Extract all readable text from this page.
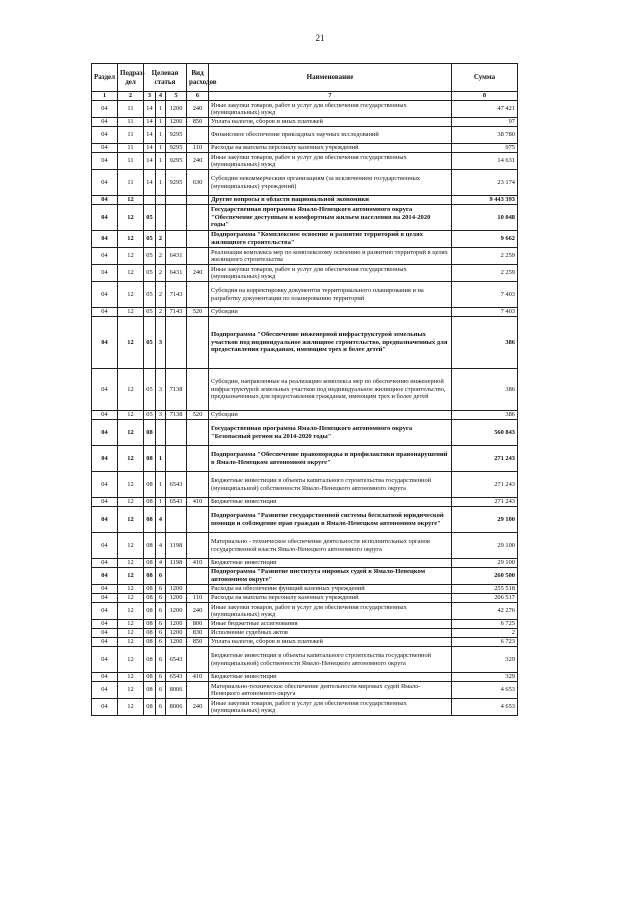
21
Раздел	Подраз-дел	Целевая статья			Вид расходов	Наименование	Сумма
1	2	3	4	5	6	7	8
04	11	14	1	1200	240	Иные закупки товаров, работ и услуг для обеспечения государственных (муниципальных) нужд	47 421
04	11	14	1	1200	850	Уплата налогов, сборов и иных платежей	97
04	11	14	1	9295		Финансовое обеспечение прикладных научных исследований	38 780
04	11	14	1	9295	110	Расходы на выплаты персоналу казенных учреждений	975
04	11	14	1	9295	240	Иные закупки товаров, работ и услуг для обеспечения государственных (муниципальных) нужд	14 631
04	11	14	1	9295	630	Субсидии некоммерческим организациям (за исключением государственных (муниципальных) учреждений)	23 174
04	12					Другие вопросы в области национальной экономики	9 443 393
04	12	05				Государственная программа Ямало-Ненецкого автономного округа "Обеспечение доступным и комфортным жильем населения на 2014-2020 годы"	10 048
04	12	05	2			Подпрограмма "Комплексное освоение и развитие территорий в целях жилищного строительства"	9 662
04	12	05	2	6431		Реализация комплекса мер по комплексному освоению и развитию территорий в целях жилищного строительства	2 259
04	12	05	2	6431	240	Иные закупки товаров, работ и услуг для обеспечения государственных (муниципальных) нужд	2 259
04	12	05	2	7143		Субсидия на корректировку документов территориального планирования и на разработку документации по планированию территорий	7 403
04	12	05	2	7143	520	Субсидии	7 403
04	12	05	3			Подпрограмма "Обеспечение инженерной инфраструктурой земельных участков под индивидуальное жилищное строительство, предназначенных для предоставления гражданам, имеющим трех и более детей"	386
04	12	05	3	7138		Субсидии, направленные на реализацию комплекса мер по обеспечению инженерной инфраструктурой земельных участков под индивидуальное жилищное строительство, предназначенных для предоставления гражданам, имеющим трех и более детей	386
04	12	05	3	7138	520	Субсидии	386
04	12	08				Государственная программа Ямало-Ненецкого автономного округа "Безопасный регион на 2014-2020 годы"	560 843
04	12	08	1			Подпрограмма "Обеспечение правопорядка и профилактики правонарушений в Ямало-Ненецком автономном округе"	271 243
04	12	08	1	6543		Бюджетные инвестиции в объекты капитального строительства государственной (муниципальной) собственности Ямало-Ненецкого автономного округа	271 243
04	12	08	1	6543	410	Бюджетные инвестиции	271 243
04	12	08	4			Подпрограмма "Развитие государственной системы бесплатной юридической помощи и соблюдение прав граждан в Ямало-Ненецком автономном округе"	29 100
04	12	08	4	1198		Материально - техническое обеспечение деятельности исполнительных органов государственной власти Ямало-Ненецкого автономного округа	29 100
04	12	08	4	1198	410	Бюджетные инвестиции	29 100
04	12	08	6			Подпрограмма "Развитие института мировых судей в Ямало-Ненецком автономном округе"	260 500
04	12	08	6	1200		Расходы на обеспечение функций казенных учреждений	255 518
04	12	08	6	1200	110	Расходы на выплаты персоналу казенных учреждений	206 517
04	12	08	6	1200	240	Иные закупки товаров, работ и услуг для обеспечения государственных (муниципальных) нужд	42 276
04	12	08	6	1200	800	Иные бюджетные ассигнования	6 725
04	12	08	6	1200	830	Исполнение судебных актов	2
04	12	08	6	1200	850	Уплата налогов, сборов и иных платежей	6 723
04	12	08	6	6543		Бюджетные инвестиции в объекты капитального строительства государственной (муниципальной) собственности Ямало-Ненецкого автономного округа	329
04	12	08	6	6543	410	Бюджетные инвестиции	329
04	12	08	6	8006		Материально-техническое обеспечение деятельности мировых судей Ямало-Ненецкого автономного округа	4 653
04	12	08	6	8006	240	Иные закупки товаров, работ и услуг для обеспечения государственных (муниципальных) нужд	4 653
